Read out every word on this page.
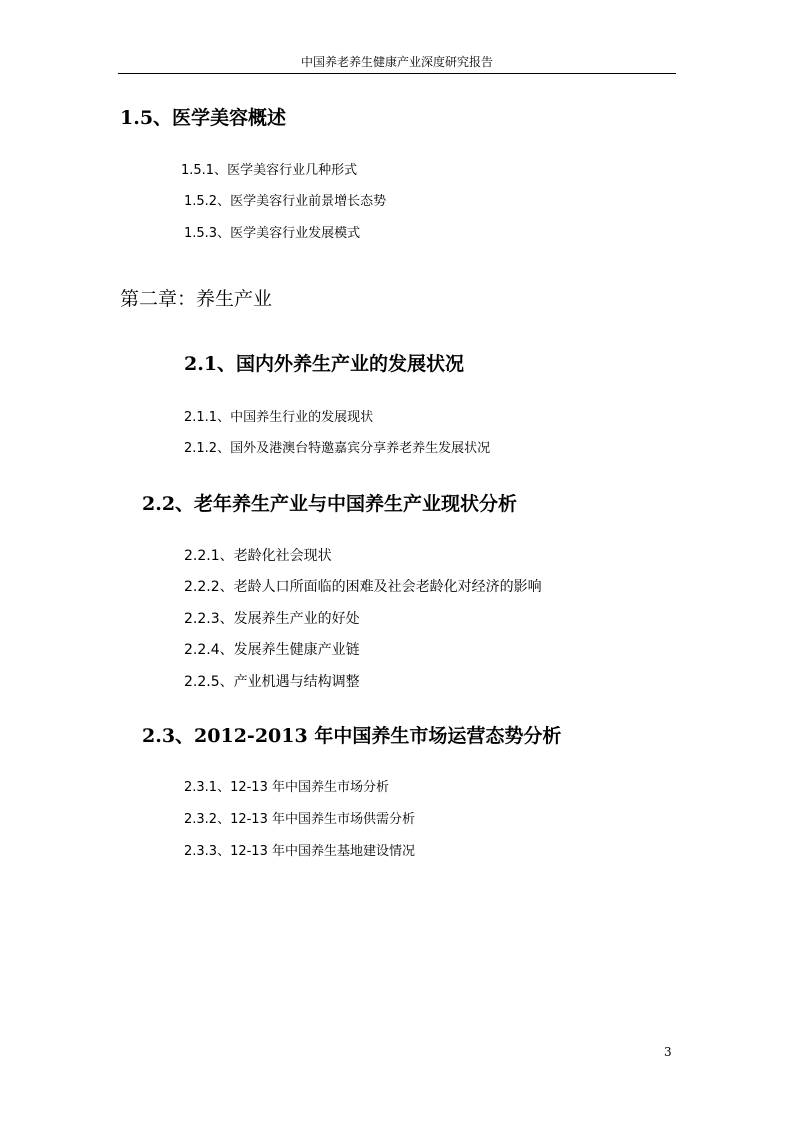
中国养老养生健康产业深度研究报告
1.5、医学美容概述
1.5.1、医学美容行业几种形式
1.5.2、医学美容行业前景增长态势
1.5.3、医学美容行业发展模式
第二章：养生产业
2.1、国内外养生产业的发展状况
2.1.1、中国养生行业的发展现状
2.1.2、国外及港澳台特邀嘉宾分享养老养生发展状况
2.2、老年养生产业与中国养生产业现状分析
2.2.1、老龄化社会现状
2.2.2、老龄人口所面临的困难及社会老龄化对经济的影响
2.2.3、发展养生产业的好处
2.2.4、发展养生健康产业链
2.2.5、产业机遇与结构调整
2.3、2012-2013 年中国养生市场运营态势分析
2.3.1、12-13 年中国养生市场分析
2.3.2、12-13 年中国养生市场供需分析
2.3.3、12-13 年中国养生基地建设情况
3
